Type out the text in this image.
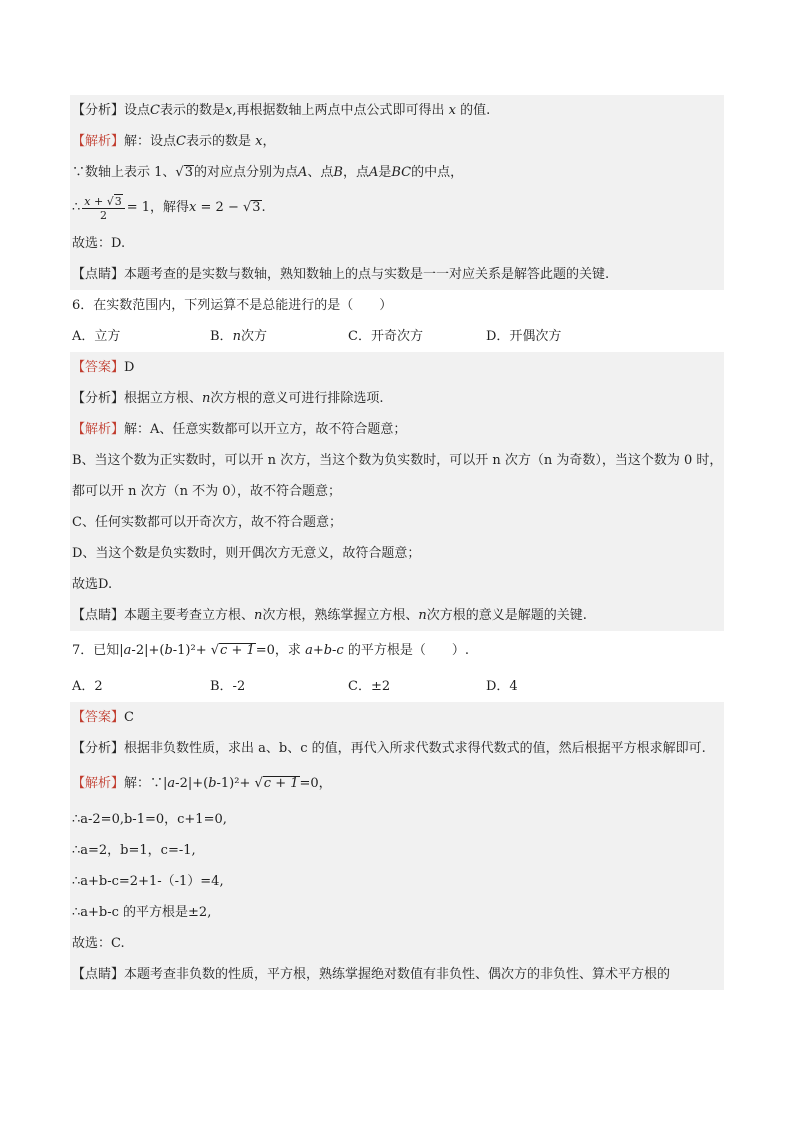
【分析】设点C表示的数是x,再根据数轴上两点中点公式即可得出 x 的值.
【解析】解：设点C表示的数是 x，
∵数轴上表示 1、√3的对应点分别为点A、点B，点A是BC的中点，
∴ $\frac{x + √3}{2} = 1$，解得x = 2 − √3.
故选：D.
【点睛】本题考查的是实数与数轴，熟知数轴上的点与实数是一一对应关系是解答此题的关键.
6．在实数范围内，下列运算不是总能进行的是（　　）
A．立方	B．n次方	C．开奇次方	D．开偶次方
【答案】D
【分析】根据立方根、n次方根的意义可进行排除选项.
【解析】解：A、任意实数都可以开立方，故不符合题意；
B、当这个数为正实数时，可以开 n 次方，当这个数为负实数时，可以开 n 次方（n 为奇数），当这个数为 0 时，都可以开 n 次方（n 不为 0），故不符合题意；
C、任何实数都可以开奇次方，故不符合题意；
D、当这个数是负实数时，则开偶次方无意义，故符合题意；
故选D.
【点睛】本题主要考查立方根、n次方根，熟练掌握立方根、n次方根的意义是解题的关键.
7．已知|a-2|+(b-1)²+ √c + 1=0，求 a+b-c 的平方根是（　　）.
A．2	B．-2	C．±2	D．4
【答案】C
【分析】根据非负数性质，求出 a、b、c 的值，再代入所求代数式求得代数式的值，然后根据平方根求解即可.
【解析】解：∵|a-2|+(b-1)²+ √c + 1=0，
∴a-2=0,b-1=0，c+1=0,
∴a=2，b=1，c=-1,
∴a+b-c=2+1-（-1）=4,
∴a+b-c 的平方根是±2,
故选：C.
【点睛】本题考查非负数的性质，平方根，熟练掌握绝对数值有非负性、偶次方的非负性、算术平方根的
